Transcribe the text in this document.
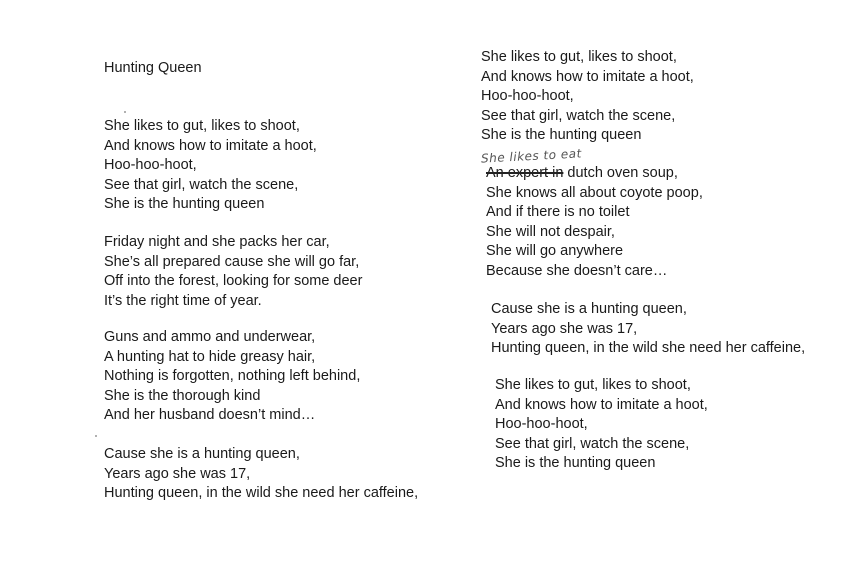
Hunting Queen
She likes to gut, likes to shoot,
And knows how to imitate a hoot,
Hoo-hoo-hoot,
See that girl, watch the scene,
She is the hunting queen
Friday night and she packs her car,
She’s all prepared cause she will go far,
Off into the forest, looking for some deer
It’s the right time of year.
Guns and ammo and underwear,
A hunting hat to hide greasy hair,
Nothing is forgotten, nothing left behind,
She is the thorough kind
And her husband doesn’t mind…
Cause she is a hunting queen,
Years ago she was 17,
Hunting queen, in the wild she need her caffeine,
She likes to gut, likes to shoot,
And knows how to imitate a hoot,
Hoo-hoo-hoot,
See that girl, watch the scene,
She is the hunting queen
An expert in dutch oven soup,
She knows all about coyote poop,
And if there is no toilet
She will not despair,
She will go anywhere
Because she doesn’t care…
Cause she is a hunting queen,
Years ago she was 17,
Hunting queen, in the wild she need her caffeine,
She likes to gut, likes to shoot,
And knows how to imitate a hoot,
Hoo-hoo-hoot,
See that girl, watch the scene,
She is the hunting queen
She likes to eat
